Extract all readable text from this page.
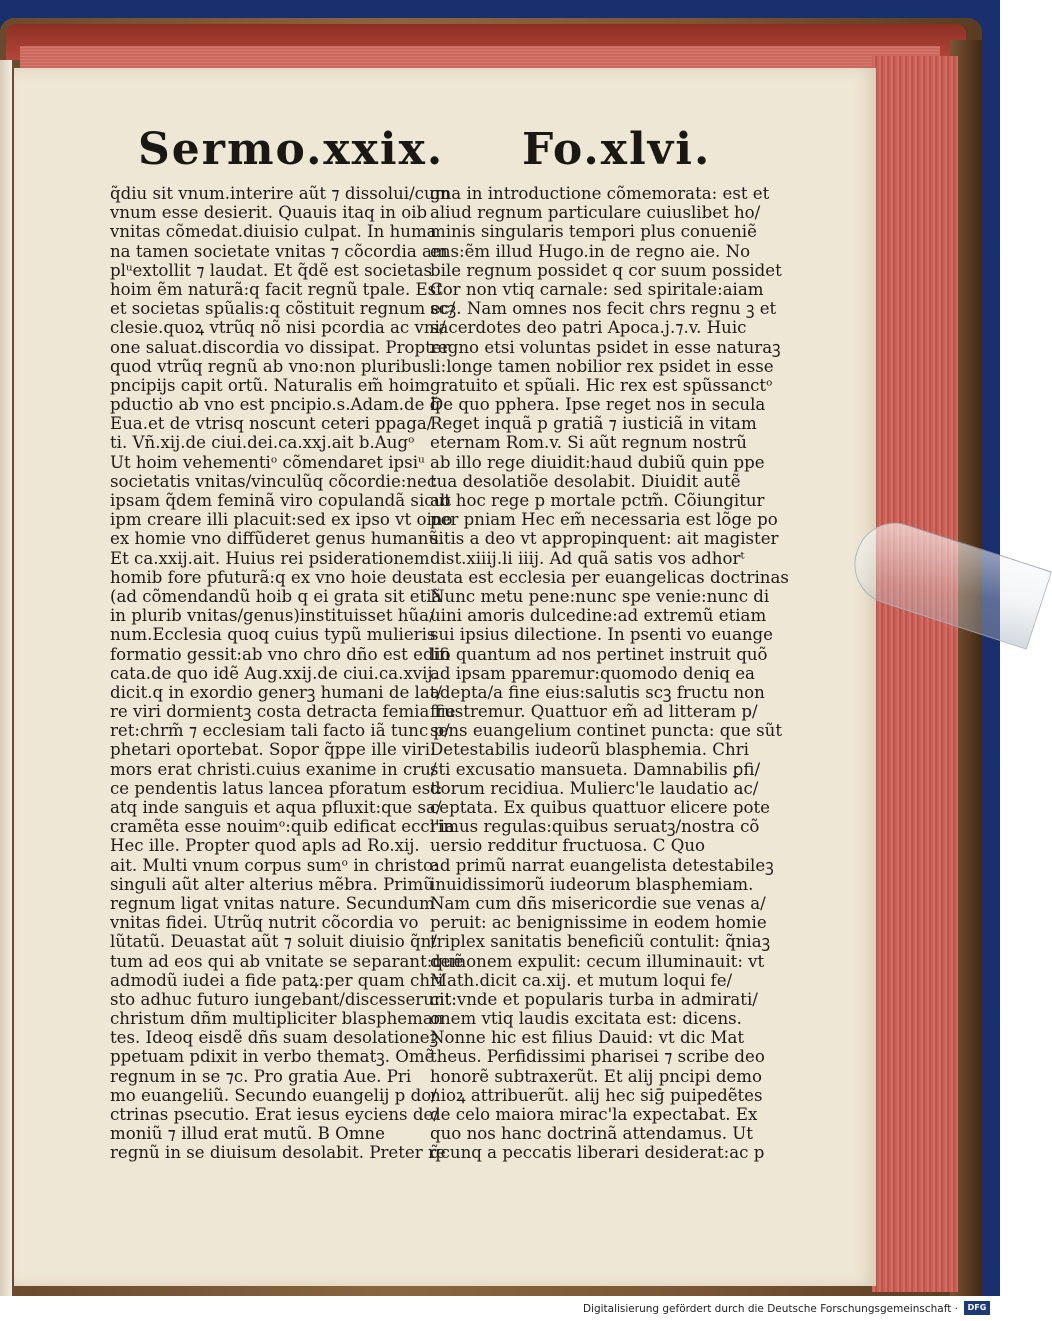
Sermo.xxix. Fo.xlvi.
q̃diu sit vnum.interire aũt ⁊ dissolui/cum
vnum esse desierit. Quauis itaq in oib
vnitas cõmedat.diuisio culpat. In huma
na tamen societate vnitas ⁊ cõcordia am
plᵘextollit ⁊ laudat. Et q̃dẽ est societas
hoim ẽm naturã:q facit regnũ tpale. Est
et societas spũalis:q cõstituit regnum ec/
clesie.quoꝝ vtrũq nõ nisi pcordia ac vni/
one saluat.discordia vo dissipat. Propter
quod vtrũq regnũ ab vno:non pluribus
pncipijs capit ortũ. Naturalis em̃ hoim
pductio ab vno est pncipio.s.Adam.de q̃
Eua.et de vtrisq noscunt ceteri ppaga/
ti. Vñ.xij.de ciui.dei.ca.xxj.ait b.Augᵒ
Ut hoim vehementiᵒ cõmendaret ipsiᵘ
societatis vnitas/vinculũq cõcordie:nec
ipsam q̃dem feminã viro copulandã sicut
ipm creare illi placuit:sed ex ipso vt oino
ex homie vno diffũderet genus humanũ.
Et ca.xxij.ait. Huius rei psiderationem
homib fore pfuturã:q ex vno hoie deus
(ad cõmendandũ hoib q ei grata sit etiã
in plurib vnitas/genus)instituisset hũa/
num.Ecclesia quoq cuius typũ mulieris
formatio gessit:ab vno chro dño est edifi
cata.de quo idẽ Aug.xxij.de ciui.ca.xvij.
dicit.q in exordio generꝫ humani de lat/
re viri dormientꝫ costa detracta femia fie
ret:chrm̃ ⁊ ecclesiam tali facto iã tunc p/
phetari oportebat. Sopor q̃ppe ille viri:
mors erat christi.cuius exanime in cru/
ce pendentis latus lancea pforatum est:
atq inde sanguis et aqua pfluxit:que sa/
cramẽta esse nouimᵒ:quib edificat eccl'ia
Hec ille. Propter quod apls ad Ro.xij.
ait. Multi vnum corpus sumᵒ in christo:
singuli aũt alter alterius mẽbra. Primũ
regnum ligat vnitas nature. Secundum
vnitas fidei. Utrũq nutrit cõcordia vo
lũtatũ. Deuastat aũt ⁊ soluit diuisio q̃n/
tum ad eos qui ab vnitate se separant:quẽ
admodũ iudei a fide patꝝ:per quam chri
sto adhuc futuro iungebant/discesserunt:
christum dñm multipliciter blaspheman
tes. Ideoq eisdẽ dñs suam desolationeꝫ
ppetuam pdixit in verbo thematꝫ. Omẽ
regnum in se ⁊c. Pro gratia Aue. Pri
mo euangeliũ. Secundo euangelij p do/
ctrinas psecutio. Erat iesus eyciens de/
moniũ ⁊ illud erat mutũ. B Omne
regnũ in se diuisum desolabit. Preter re
gna in introductione cõmemorata: est et
aliud regnum particulare cuiuslibet ho/
minis singularis tempori plus conueniẽ
ens:ẽm illud Hugo.in de regno aie. No
bile regnum possidet q cor suum possidet
Cor non vtiq carnale: sed spiritale:aiam
scꝫ. Nam omnes nos fecit chrs regnu ꝫ et
sacerdotes deo patri Apoca.j.⁊.v. Huic
regno etsi voluntas psidet in esse naturaꝫ
li:longe tamen nobilior rex psidet in esse
gratuito et spũali. Hic rex est spũssanctᵒ
De quo pphera. Ipse reget nos in secula
Reget inquã p gratiã ⁊ iusticiã in vitam
eternam Rom.v. Si aũt regnum nostrũ
ab illo rege diuidit:haud dubiũ quin ppe
tua desolatiõe desolabit. Diuidit autẽ
ab hoc rege p mortale pctm̃. Cõiungitur
per pniam Hec em̃ necessaria est lõge po
sitis a deo vt appropinquent: ait magister
dist.xiiij.li iiij. Ad quã satis vos adhorᵗ
tata est ecclesia per euangelicas doctrinas
Nunc metu pene:nunc spe venie:nunc di
uini amoris dulcedine:ad extremũ etiam
sui ipsius dilectione. In psenti vo euange
lio quantum ad nos pertinet instruit quõ
ad ipsam pparemur:quomodo deniq ea
adepta/a fine eius:salutis scꝫ fructu non
frustremur. Quattuor em̃ ad litteram p/
sens euangelium continet puncta: que sũt
Detestabilis iudeorũ blasphemia. Chri
sti excusatio mansueta. Damnabilis ꝑfi/
dorum recidiua. Mulierc'le laudatio ac/
ceptata. Ex quibus quattuor elicere pote
rimus regulas:quibus seruatꝫ/nostra cõ
uersio redditur fructuosa. C Quo
ad primũ narrat euangelista detestabileꝫ
inuidissimorũ iudeorum blasphemiam.
Nam cum dñs misericordie sue venas a/
peruit: ac benignissime in eodem homie
triplex sanitatis beneficiũ contulit: q̃niaꝫ
demonem expulit: cecum illuminauit: vt
Math.dicit ca.xij. et mutum loqui fe/
cit:vnde et popularis turba in admirati/
onem vtiq laudis excitata est: dicens.
Nonne hic est filius Dauid: vt dic Mat
theus. Perfidissimi pharisei ⁊ scribe deo
honorẽ subtraxerũt. Et alij pncipi demo
nioꝝ attribuerũt. alij hec siḡ puipedẽtes
de celo maiora mirac'la expectabat. Ex
quo nos hanc doctrinã attendamus. Ut
q̃cunq a peccatis liberari desiderat:ac p
Digitalisierung gefördert durch die Deutsche Forschungsgemeinschaft ·	DFG
